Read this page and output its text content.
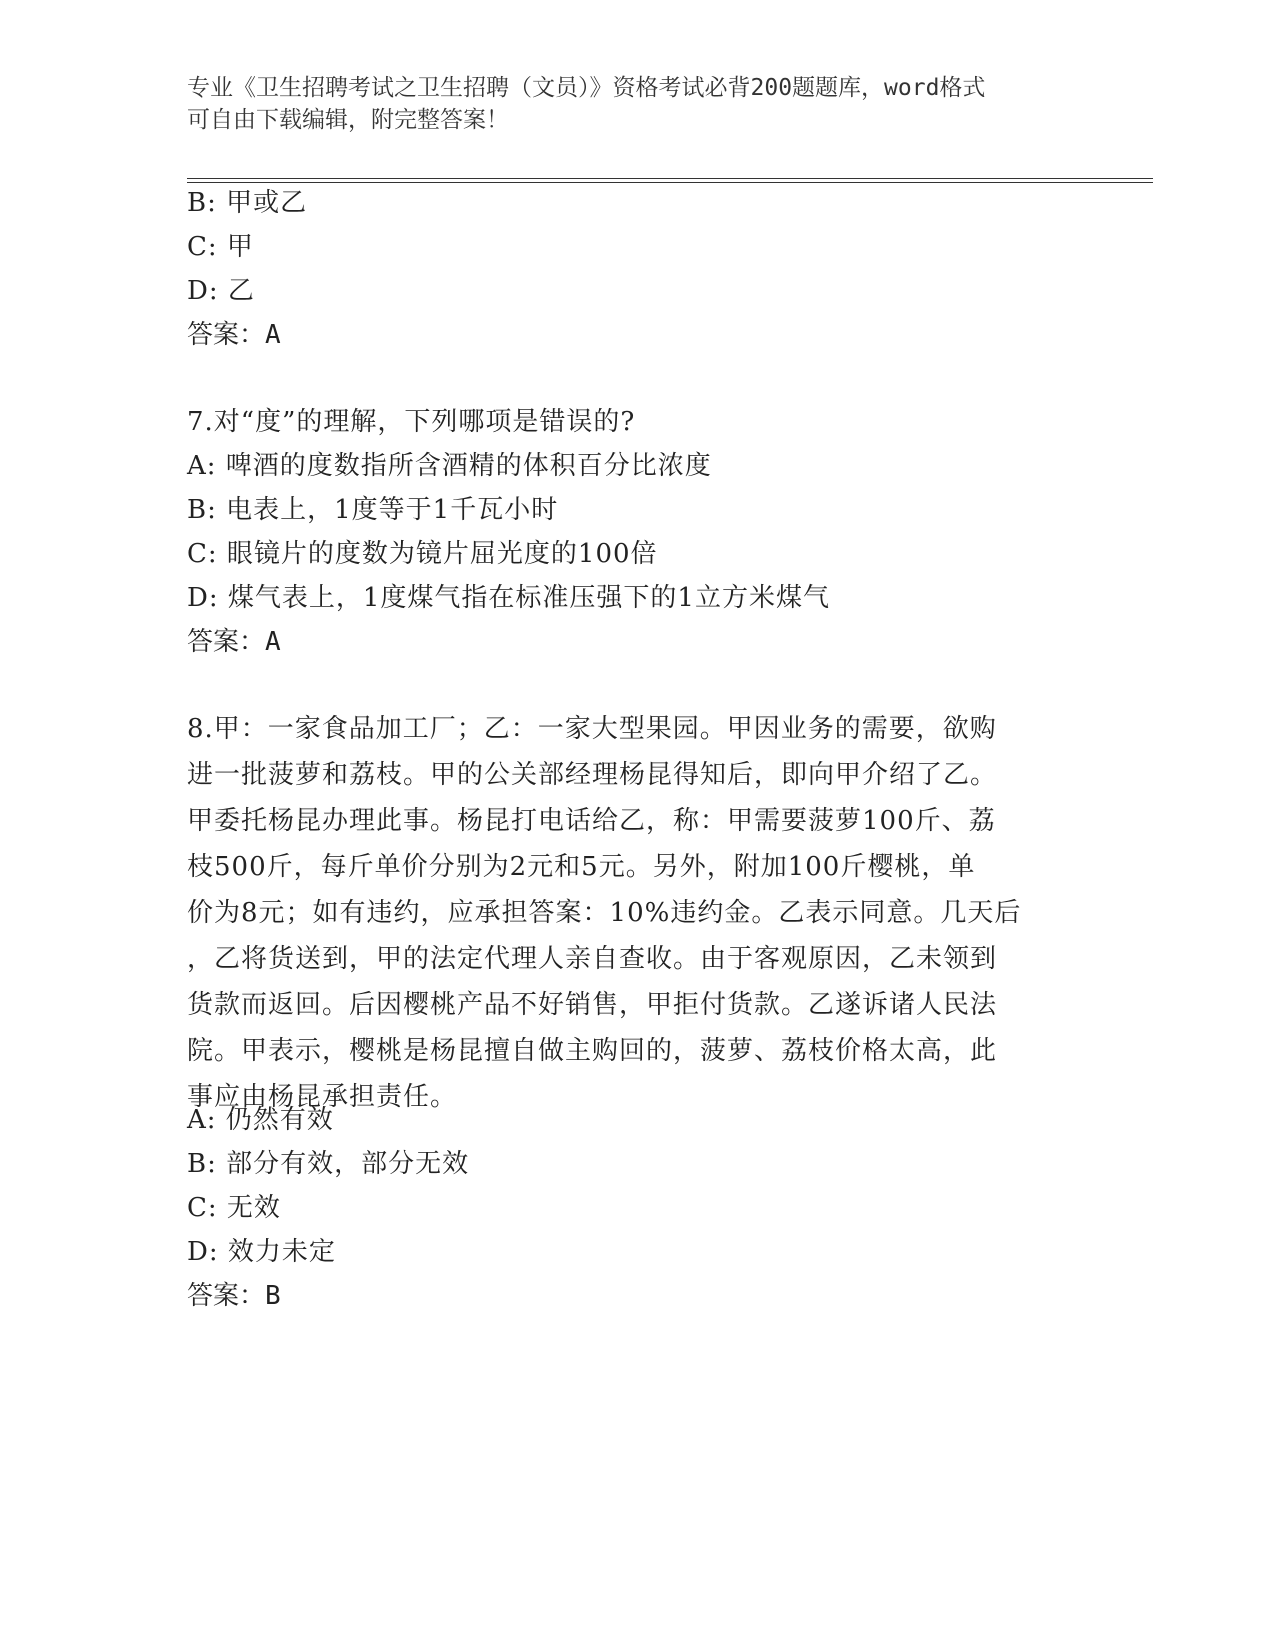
专业《卫生招聘考试之卫生招聘（文员）》资格考试必背200题题库，word格式
可自由下载编辑，附完整答案！
B: 甲或乙
C: 甲
D: 乙
答案：A
7.对“度”的理解，下列哪项是错误的?
A: 啤酒的度数指所含酒精的体积百分比浓度
B: 电表上，1度等于1千瓦小时
C: 眼镜片的度数为镜片屈光度的100倍
D: 煤气表上，1度煤气指在标准压强下的1立方米煤气
答案：A
8.甲：一家食品加工厂；乙：一家大型果园。甲因业务的需要，欲购
进一批菠萝和荔枝。甲的公关部经理杨昆得知后，即向甲介绍了乙。
甲委托杨昆办理此事。杨昆打电话给乙，称：甲需要菠萝100斤、荔
枝500斤，每斤单价分别为2元和5元。另外，附加100斤樱桃，单
价为8元；如有违约，应承担答案：10%违约金。乙表示同意。几天后
，乙将货送到，甲的法定代理人亲自查收。由于客观原因，乙未领到
货款而返回。后因樱桃产品不好销售，甲拒付货款。乙遂诉诸人民法
院。甲表示，樱桃是杨昆擅自做主购回的，菠萝、荔枝价格太高，此
事应由杨昆承担责任。
A: 仍然有效
B: 部分有效，部分无效
C: 无效
D: 效力未定
答案：B
